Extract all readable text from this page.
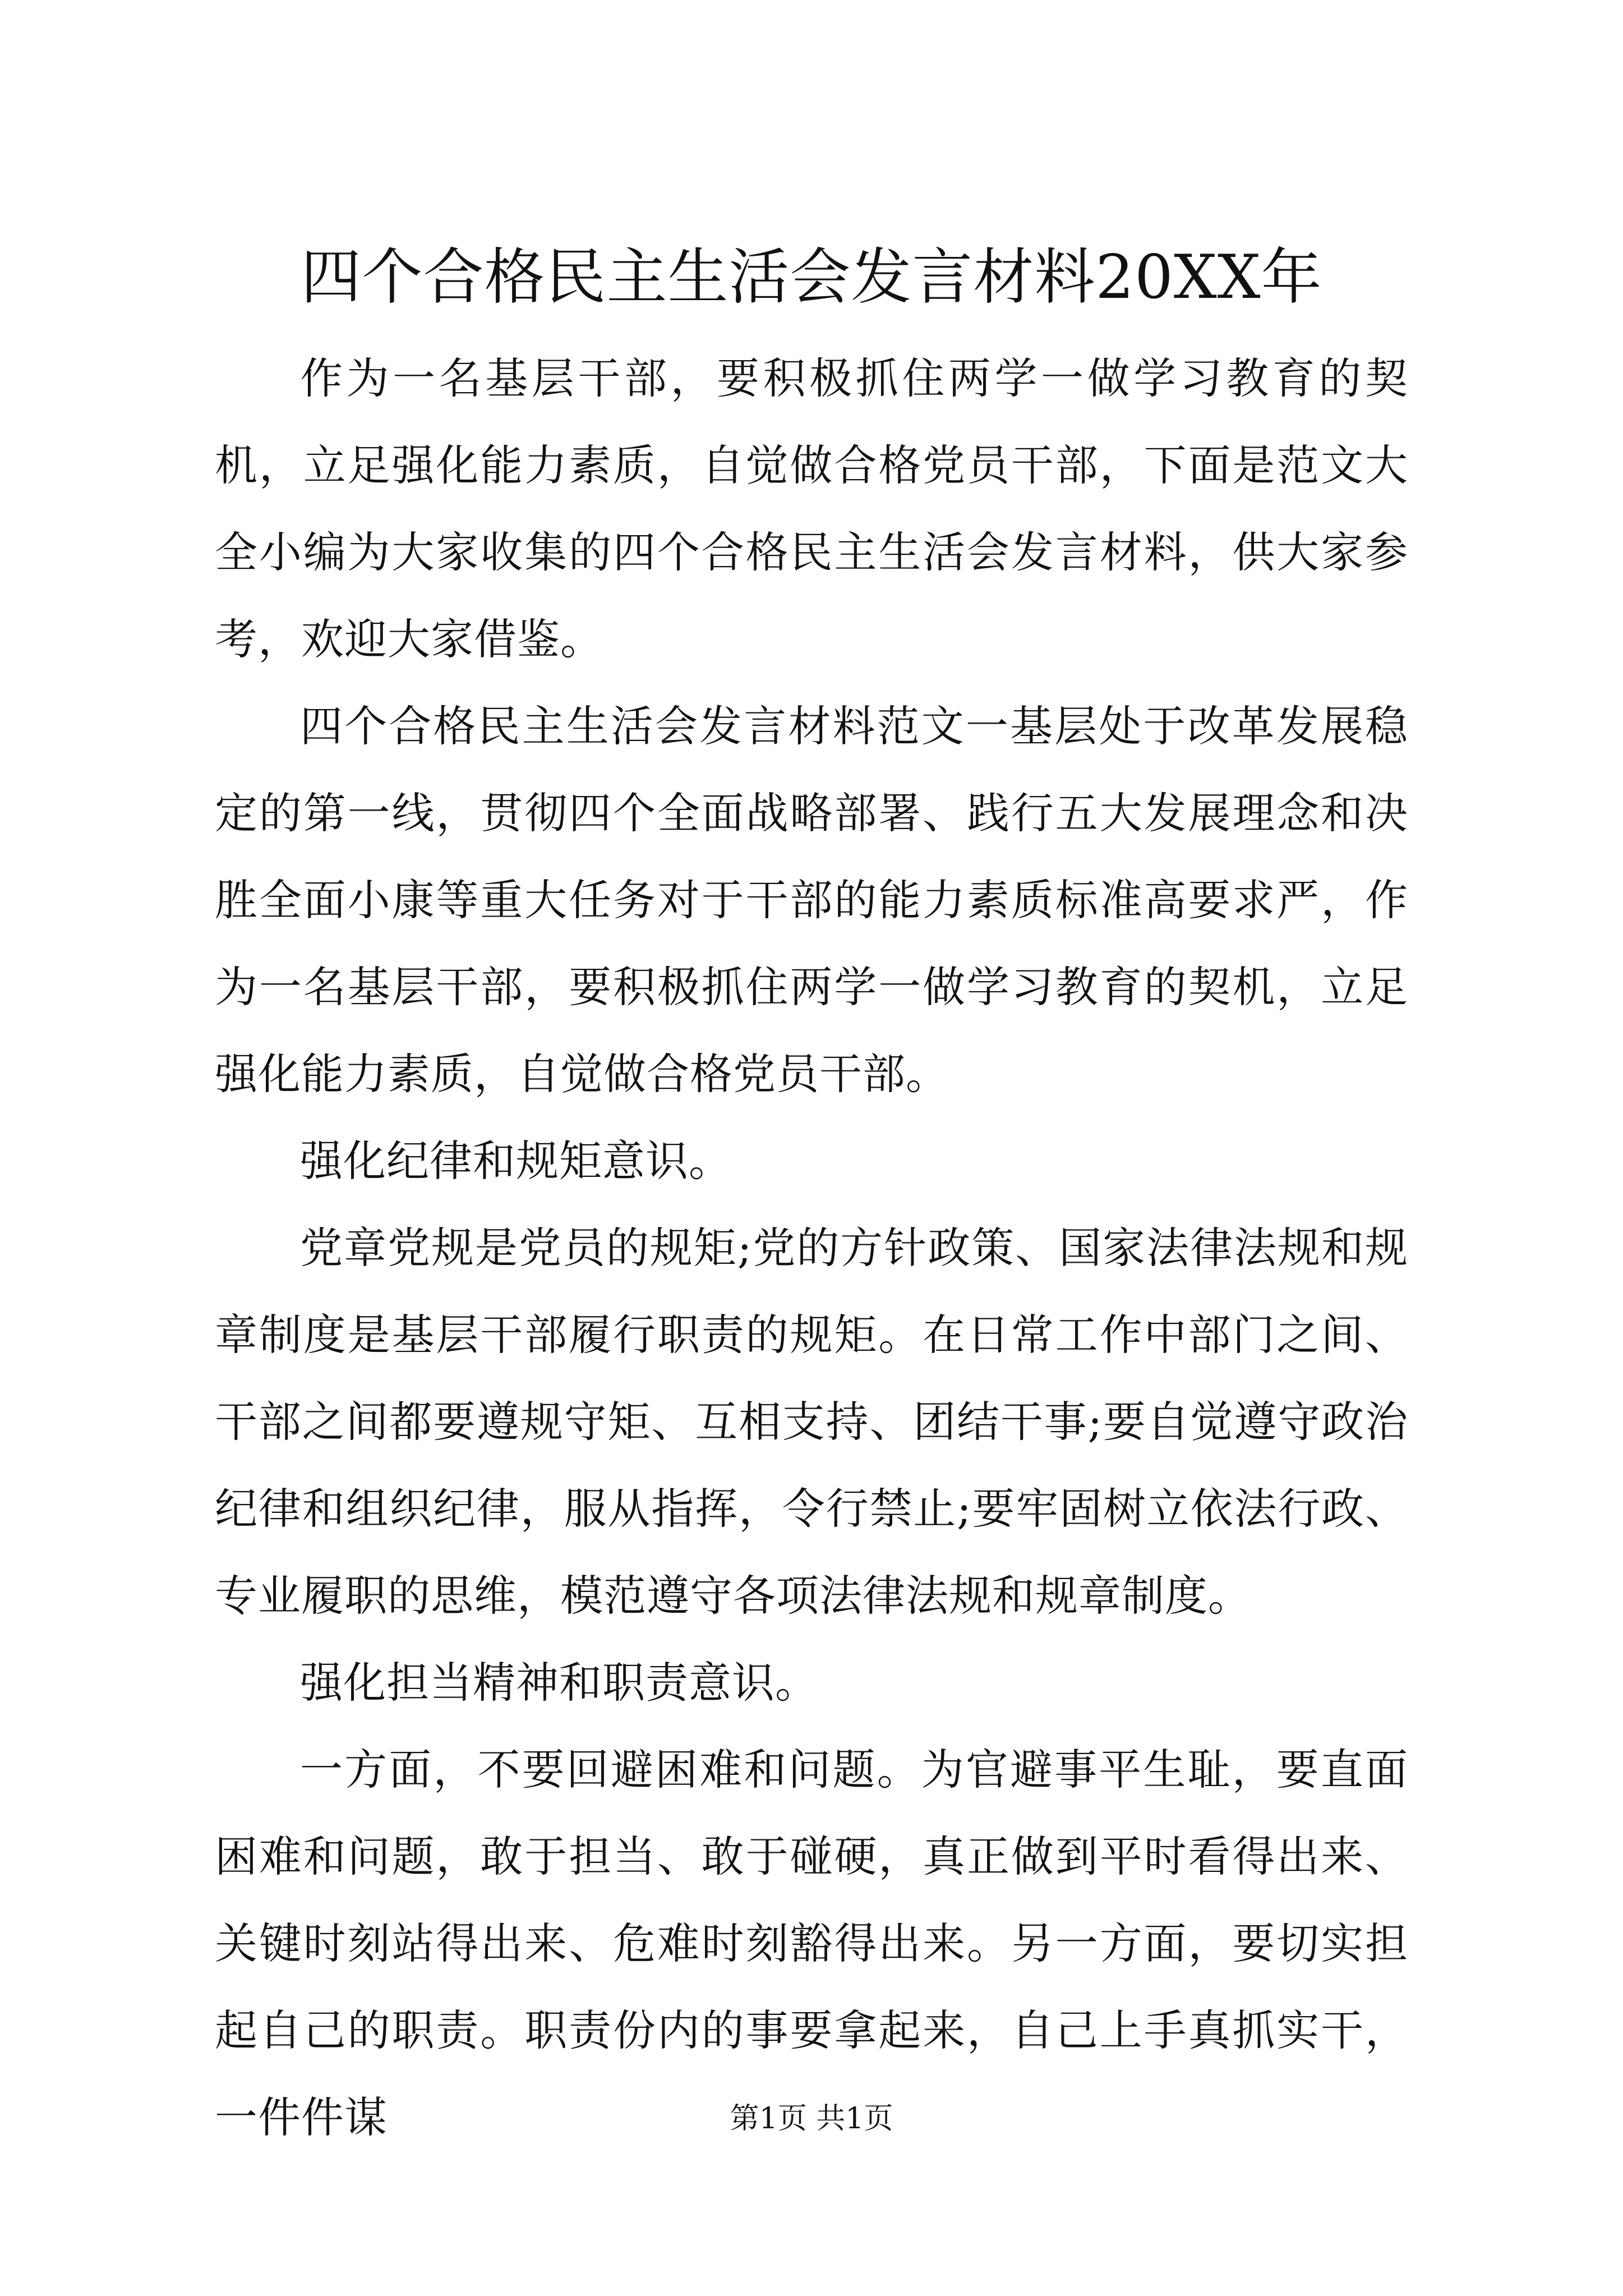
四个合格民主生活会发言材料20XX年

作为一名基层干部，要积极抓住两学一做学习教育的契机，立足强化能力素质，自觉做合格党员干部，下面是范文大全小编为大家收集的四个合格民主生活会发言材料，供大家参考，欢迎大家借鉴。

四个合格民主生活会发言材料范文一基层处于改革发展稳定的第一线，贯彻四个全面战略部署、践行五大发展理念和决胜全面小康等重大任务对于干部的能力素质标准高要求严，作为一名基层干部，要积极抓住两学一做学习教育的契机，立足强化能力素质，自觉做合格党员干部。

强化纪律和规矩意识。

党章党规是党员的规矩;党的方针政策、国家法律法规和规章制度是基层干部履行职责的规矩。在日常工作中部门之间、干部之间都要遵规守矩、互相支持、团结干事;要自觉遵守政治纪律和组织纪律，服从指挥，令行禁止;要牢固树立依法行政、专业履职的思维，模范遵守各项法律法规和规章制度。

强化担当精神和职责意识。

一方面，不要回避困难和问题。为官避事平生耻，要直面困难和问题，敢于担当、敢于碰硬，真正做到平时看得出来、关键时刻站得出来、危难时刻豁得出来。另一方面，要切实担起自己的职责。职责份内的事要拿起来，自己上手真抓实干，一件件谋	第1页 共1页
